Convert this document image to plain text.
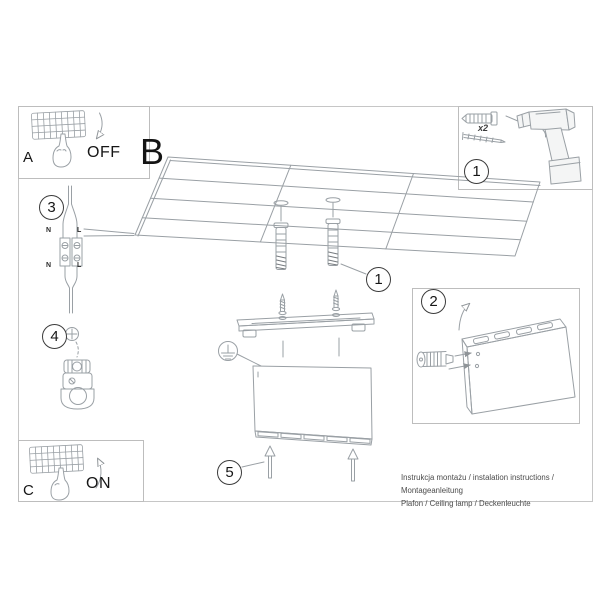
A	OFF B
C	ON
1
1
2
3
4
5
x2
N	L
N	L
Instrukcja montażu / instalation instructions / Montageanleitung
Plafon / Ceiling lamp / Deckenleuchte
